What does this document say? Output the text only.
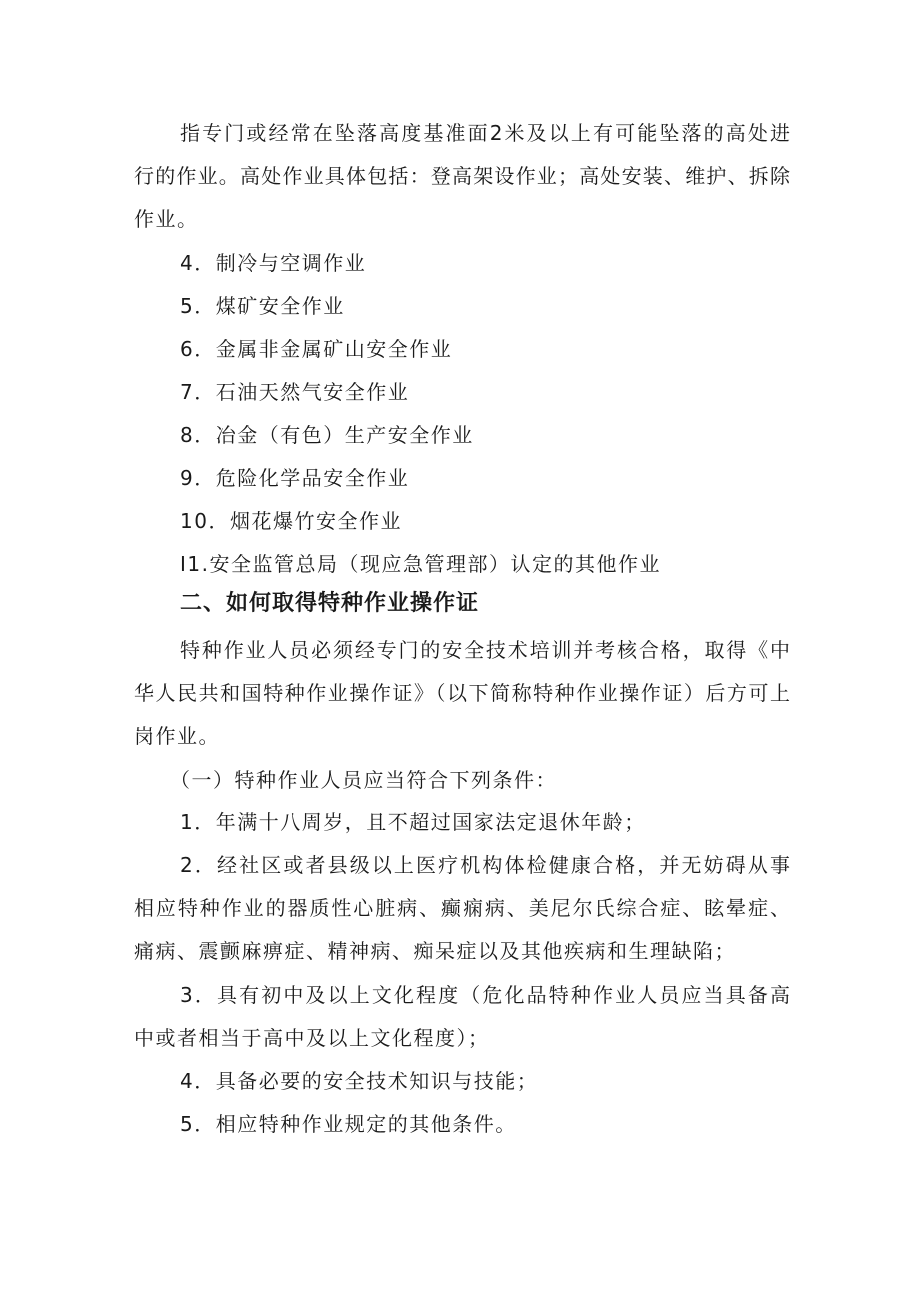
指专门或经常在坠落高度基准面2米及以上有可能坠落的高处进
行的作业。高处作业具体包括：登高架设作业；高处安装、维护、拆除
作业。
4．制冷与空调作业
5．煤矿安全作业
6．金属非金属矿山安全作业
7．石油天然气安全作业
8．冶金（有色）生产安全作业
9．危险化学品安全作业
10．烟花爆竹安全作业
I1.安全监管总局（现应急管理部）认定的其他作业
二、如何取得特种作业操作证
特种作业人员必须经专门的安全技术培训并考核合格，取得《中
华人民共和国特种作业操作证》（以下简称特种作业操作证）后方可上
岗作业。
（一）特种作业人员应当符合下列条件：
1．年满十八周岁，且不超过国家法定退休年龄；
2．经社区或者县级以上医疗机构体检健康合格，并无妨碍从事
相应特种作业的器质性心脏病、癫痫病、美尼尔氏综合症、眩晕症、
痛病、震颤麻痹症、精神病、痴呆症以及其他疾病和生理缺陷；
3．具有初中及以上文化程度（危化品特种作业人员应当具备高
中或者相当于高中及以上文化程度）；
4．具备必要的安全技术知识与技能；
5．相应特种作业规定的其他条件。
